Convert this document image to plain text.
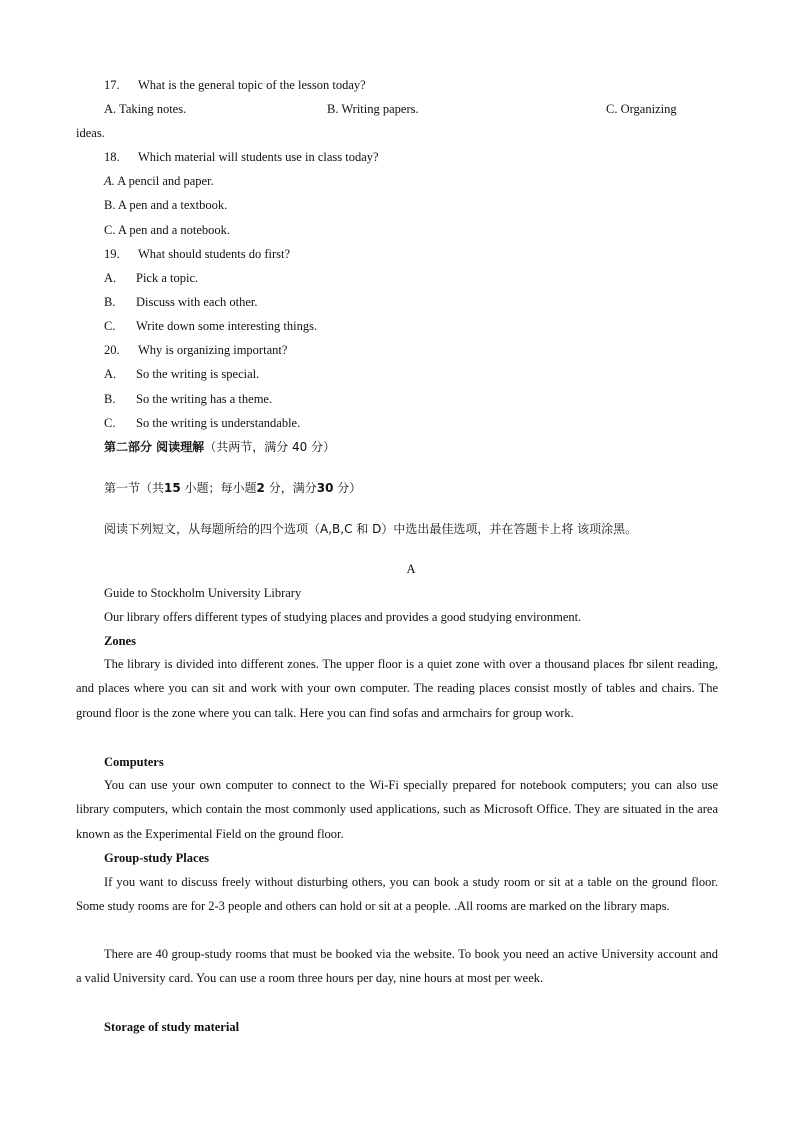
17. What is the general topic of the lesson today?
A. Taking notes.	B. Writing papers.	C. Organizing
ideas.
18. Which material will students use in class today?
A. A pencil and paper.
B. A pen and a textbook.
C. A pen and a notebook.
19. What should students do first?
A. Pick a topic.
B. Discuss with each other.
C. Write down some interesting things.
20. Why is organizing important?
A. So the writing is special.
B. So the writing has a theme.
C. So the writing is understandable.
第二部分 阅读理解（共两节，满分 40 分）
第一节（共15 小题；每小题2 分，满分30 分）
阅读下列短文，从每题所给的四个选项（A,B,C 和 D）中选出最佳选项，并在答题卡上将 该项涂黑。
A
Guide to Stockholm University Library
Our library offers different types of studying places and provides a good studying environment.
Zones
The library is divided into different zones. The upper floor is a quiet zone with over a thousand places fbr silent reading, and places where you can sit and work with your own computer. The reading places consist mostly of tables and chairs. The ground floor is the zone where you can talk. Here you can find sofas and armchairs for group work.
Computers
You can use your own computer to connect to the Wi-Fi specially prepared for notebook computers; you can also use library computers, which contain the most commonly used applications, such as Microsoft Office. They are situated in the area known as the Experimental Field on the ground floor.
Group-study Places
If you want to discuss freely without disturbing others, you can book a study room or sit at a table on the ground floor. Some study rooms are for 2-3 people and others can hold or sit at a people. .All rooms are marked on the library maps.
There are 40 group-study rooms that must be booked via the website. To book you need an active University account and a valid University card. You can use a room three hours per day, nine hours at most per week.
Storage of study material
